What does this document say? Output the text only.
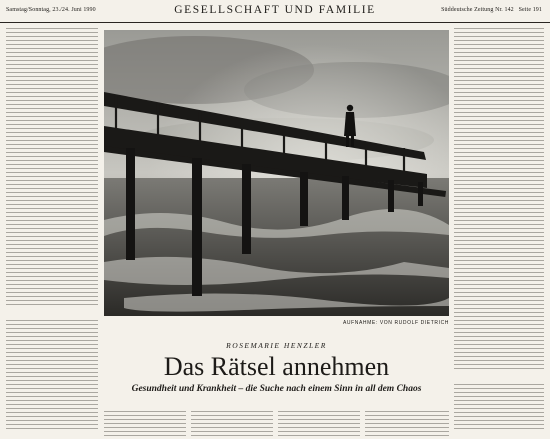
Samstag/Sonntag, 23./24. Juni 1990	GESELLSCHAFT UND FAMILIE	Süddeutsche Zeitung Nr. 142 Seite 191
AUFNAHME: VON RUDOLF DIETRICH
ROSEMARIE HENZLER
Das Rätsel annehmen
Gesundheit und Krankheit – die Suche nach einem Sinn in all dem Chaos
